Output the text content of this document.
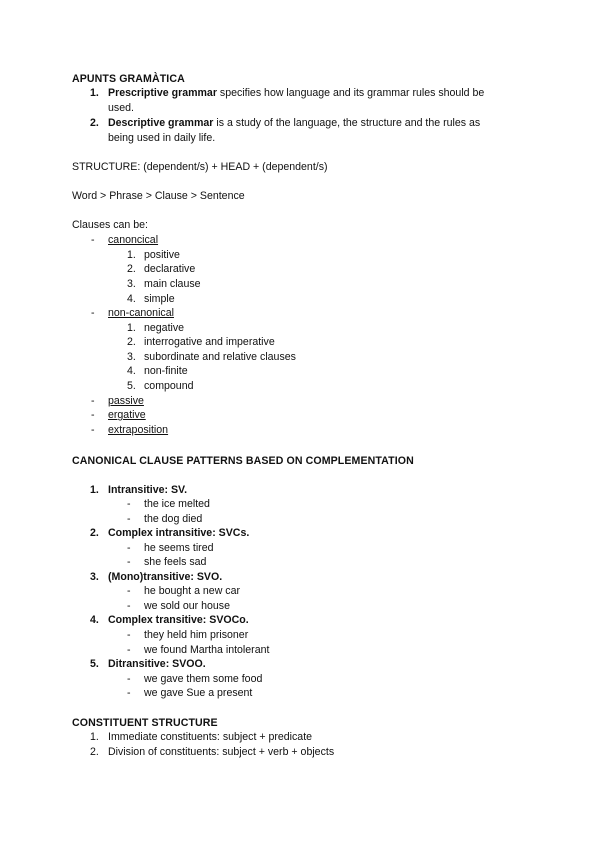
APUNTS GRAMÀTICA
1. Prescriptive grammar specifies how language and its grammar rules should be
used.
2. Descriptive grammar is a study of the language, the structure and the rules as
being used in daily life.
STRUCTURE: (dependent/s) + HEAD + (dependent/s)
Word > Phrase > Clause > Sentence
Clauses can be:
- canoncical
1. positive
2. declarative
3. main clause
4. simple
- non-canonical
1. negative
2. interrogative and imperative
3. subordinate and relative clauses
4. non-finite
5. compound
- passive
- ergative
- extraposition
CANONICAL CLAUSE PATTERNS BASED ON COMPLEMENTATION
1. Intransitive: SV.
- the ice melted
- the dog died
2. Complex intransitive: SVCs.
- he seems tired
- she feels sad
3. (Mono)transitive: SVO.
- he bought a new car
- we sold our house
4. Complex transitive: SVOCo.
- they held him prisoner
- we found Martha intolerant
5. Ditransitive: SVOO.
- we gave them some food
- we gave Sue a present
CONSTITUENT STRUCTURE
1. Immediate constituents: subject + predicate
2. Division of constituents: subject + verb + objects
